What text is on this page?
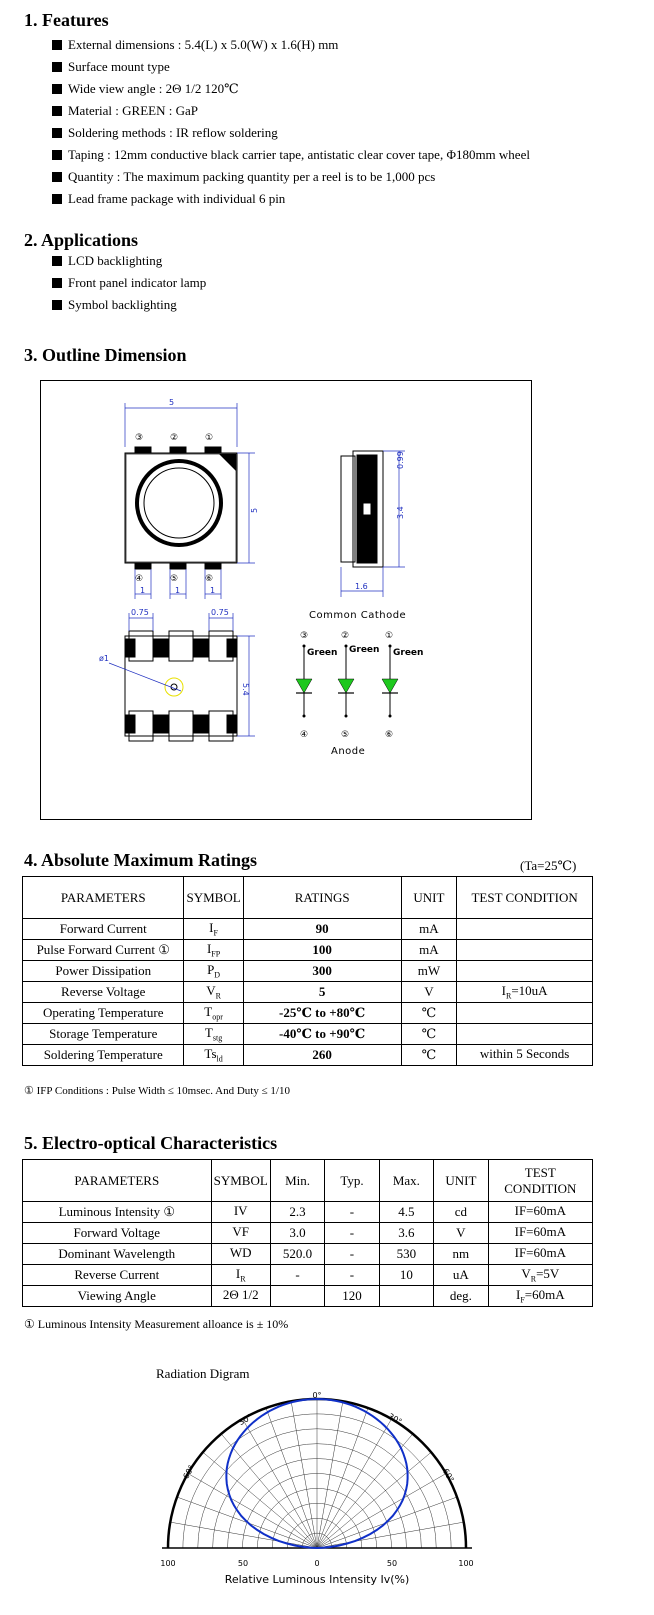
1. Features
External dimensions : 5.4(L) x 5.0(W) x 1.6(H) mm
Surface mount type
Wide view angle : 2Θ 1/2 120℃
Material : GREEN : GaP
Soldering methods : IR reflow soldering
Taping : 12mm conductive black carrier tape, antistatic clear cover tape, Φ180mm wheel
Quantity : The maximum packing quantity per a reel is to be 1,000 pcs
Lead frame package with individual 6 pin
2. Applications
LCD backlighting
Front panel indicator lamp
Symbol backlighting
3. Outline Dimension
5
5
1	1	1
0.99
3.4
1.6
0.75	0.75
5.4
ø1
③	②	①
④	⑤	⑥
Common Cathode
③	②	①
Green Green Green
④	⑤	⑥
Anode
4. Absolute Maximum Ratings	(Ta=25℃)
PARAMETERS	SYMBOL	RATINGS	UNIT	TEST CONDITION
Forward Current	$I_F$	90	mA	
Pulse Forward Current ①	$I_{FP}$	100	mA	
Power Dissipation	$P_D$	300	mW	
Reverse Voltage	$V_R$	5	V	$I_R=10uA$
Operating Temperature	$T_{opr}$	-25℃ to +80℃	℃	
Storage Temperature	$T_{stg}$	-40℃ to +90℃	℃	
Soldering Temperature	$Ts_{ld}$	260	℃	within 5 Seconds
① IFP Conditions : Pulse Width ≤ 10msec. And Duty ≤ 1/10
5. Electro-optical Characteristics
PARAMETERS	SYMBOL	Min.	Typ.	Max.	UNIT	TEST
CONDITION
Luminous Intensity ①	IV	2.3	-	4.5	cd	IF=60mA
Forward Voltage	VF	3.0	-	3.6	V	IF=60mA
Dominant Wavelength	WD	520.0	-	530	nm	IF=60mA
Reverse Current	$I_R$	-	-	10	uA	$V_R=5V$
Viewing Angle	2Θ 1/2		120		deg.	$I_F=60mA$
① Luminous Intensity Measurement alloance is ± 10%
Radiation Digram
0°
30°	30°
60°	60°
100	50	0	50	100
Relative Luminous Intensity Iv(%)
